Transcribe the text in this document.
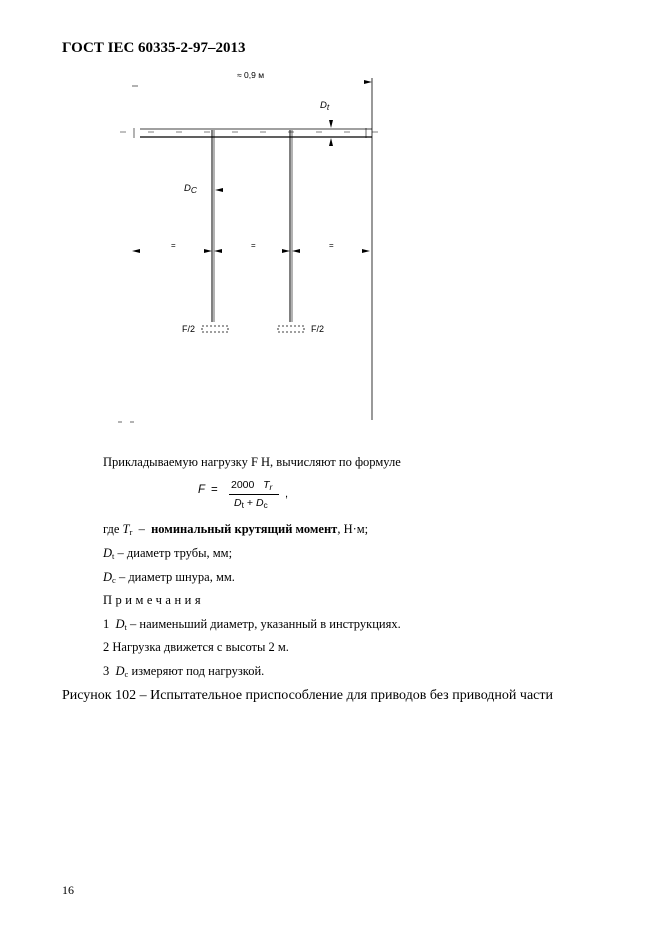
ГОСТ IEC 60335-2-97–2013
≈ 0,9 м
Dt
DC
=	=	=
F/2	F/2
Прикладываемую нагрузку F Н, вычисляют по формуле
F = 2000 $T_r$
$D_t + D_c$
,
где $T_r$ – номинальный крутящий момент, Н·м;
$D_t$ – диаметр трубы, мм;
$D_c$ – диаметр шнура, мм.
Примечания
1 $D_t$ – наименьший диаметр, указанный в инструкциях.
2 Нагрузка движется с высоты 2 м.
3 $D_c$ измеряют под нагрузкой.
Рисунок 102 – Испытательное приспособление для приводов без приводной части
16
